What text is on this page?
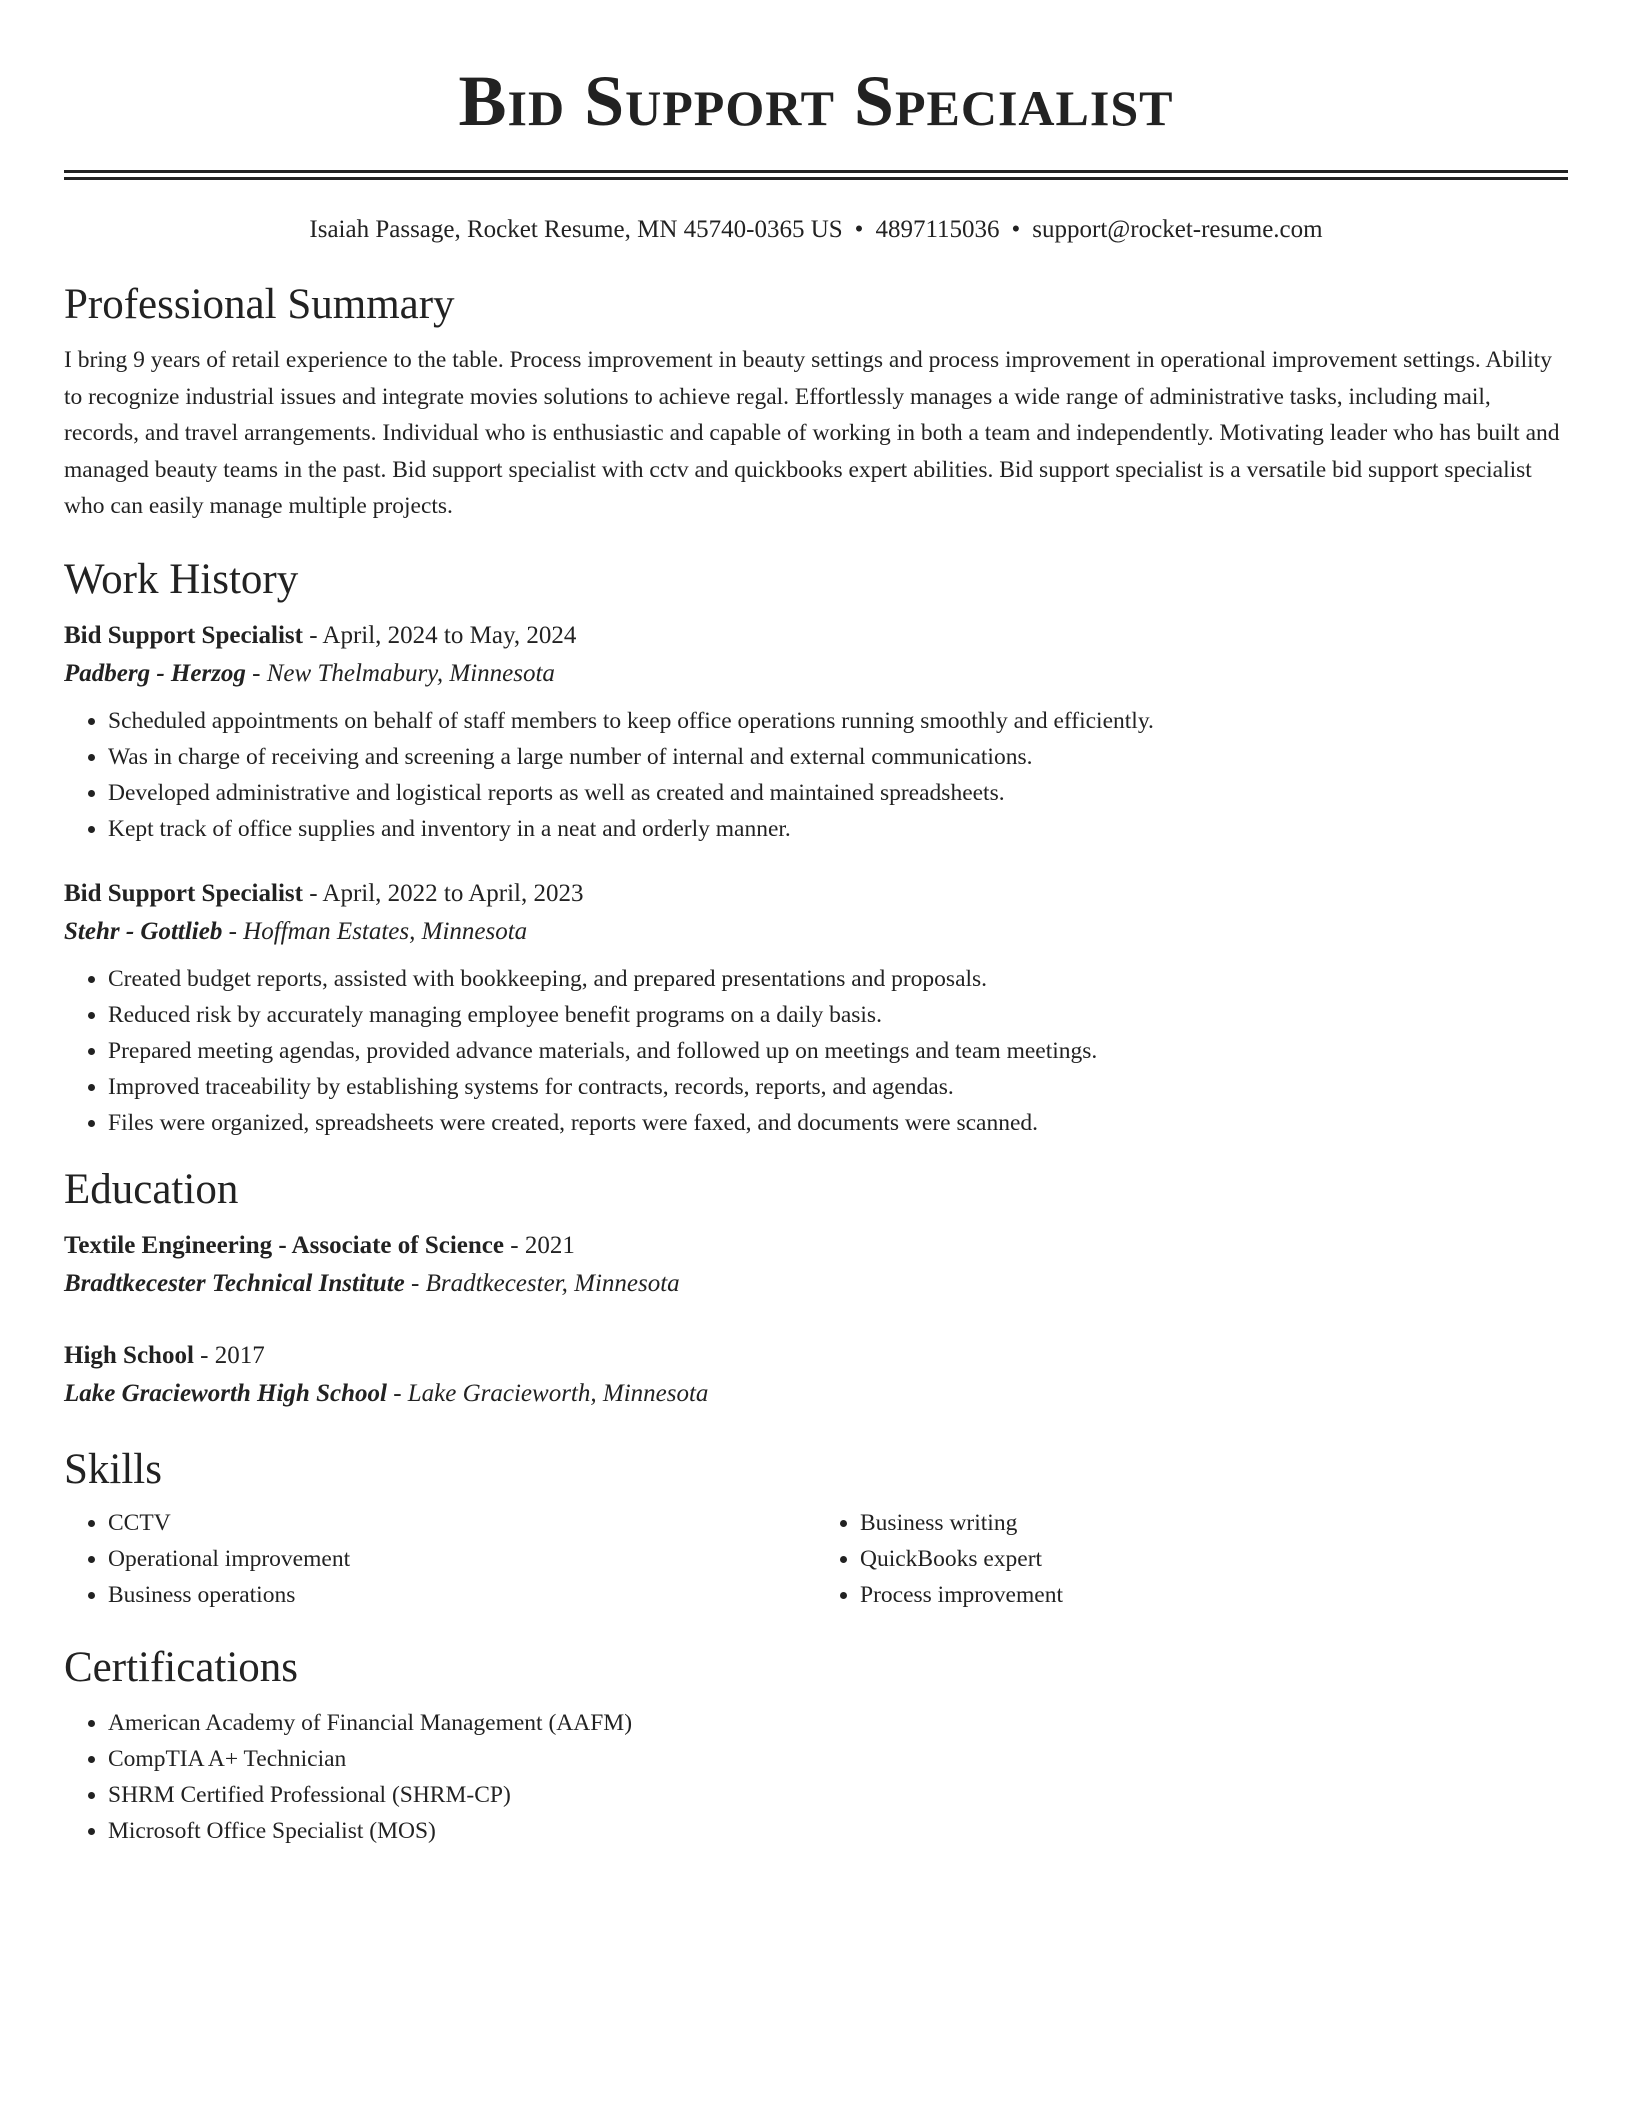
Bid Support Specialist
Isaiah Passage, Rocket Resume, MN 45740-0365 US • 4897115036 • support@rocket-resume.com
Professional Summary
I bring 9 years of retail experience to the table. Process improvement in beauty settings and process improvement in operational improvement settings. Ability to recognize industrial issues and integrate movies solutions to achieve regal. Effortlessly manages a wide range of administrative tasks, including mail, records, and travel arrangements. Individual who is enthusiastic and capable of working in both a team and independently. Motivating leader who has built and managed beauty teams in the past. Bid support specialist with cctv and quickbooks expert abilities. Bid support specialist is a versatile bid support specialist who can easily manage multiple projects.
Work History
Bid Support Specialist - April, 2024 to May, 2024
Padberg - Herzog - New Thelmabury, Minnesota
• Scheduled appointments on behalf of staff members to keep office operations running smoothly and efficiently.
• Was in charge of receiving and screening a large number of internal and external communications.
• Developed administrative and logistical reports as well as created and maintained spreadsheets.
• Kept track of office supplies and inventory in a neat and orderly manner.
Bid Support Specialist - April, 2022 to April, 2023
Stehr - Gottlieb - Hoffman Estates, Minnesota
• Created budget reports, assisted with bookkeeping, and prepared presentations and proposals.
• Reduced risk by accurately managing employee benefit programs on a daily basis.
• Prepared meeting agendas, provided advance materials, and followed up on meetings and team meetings.
• Improved traceability by establishing systems for contracts, records, reports, and agendas.
• Files were organized, spreadsheets were created, reports were faxed, and documents were scanned.
Education
Textile Engineering - Associate of Science - 2021
Bradtkecester Technical Institute - Bradtkecester, Minnesota
High School - 2017
Lake Gracieworth High School - Lake Gracieworth, Minnesota
Skills
• CCTV
• Operational improvement
• Business operations
• Business writing
• QuickBooks expert
• Process improvement
Certifications
• American Academy of Financial Management (AAFM)
• CompTIA A+ Technician
• SHRM Certified Professional (SHRM-CP)
• Microsoft Office Specialist (MOS)
